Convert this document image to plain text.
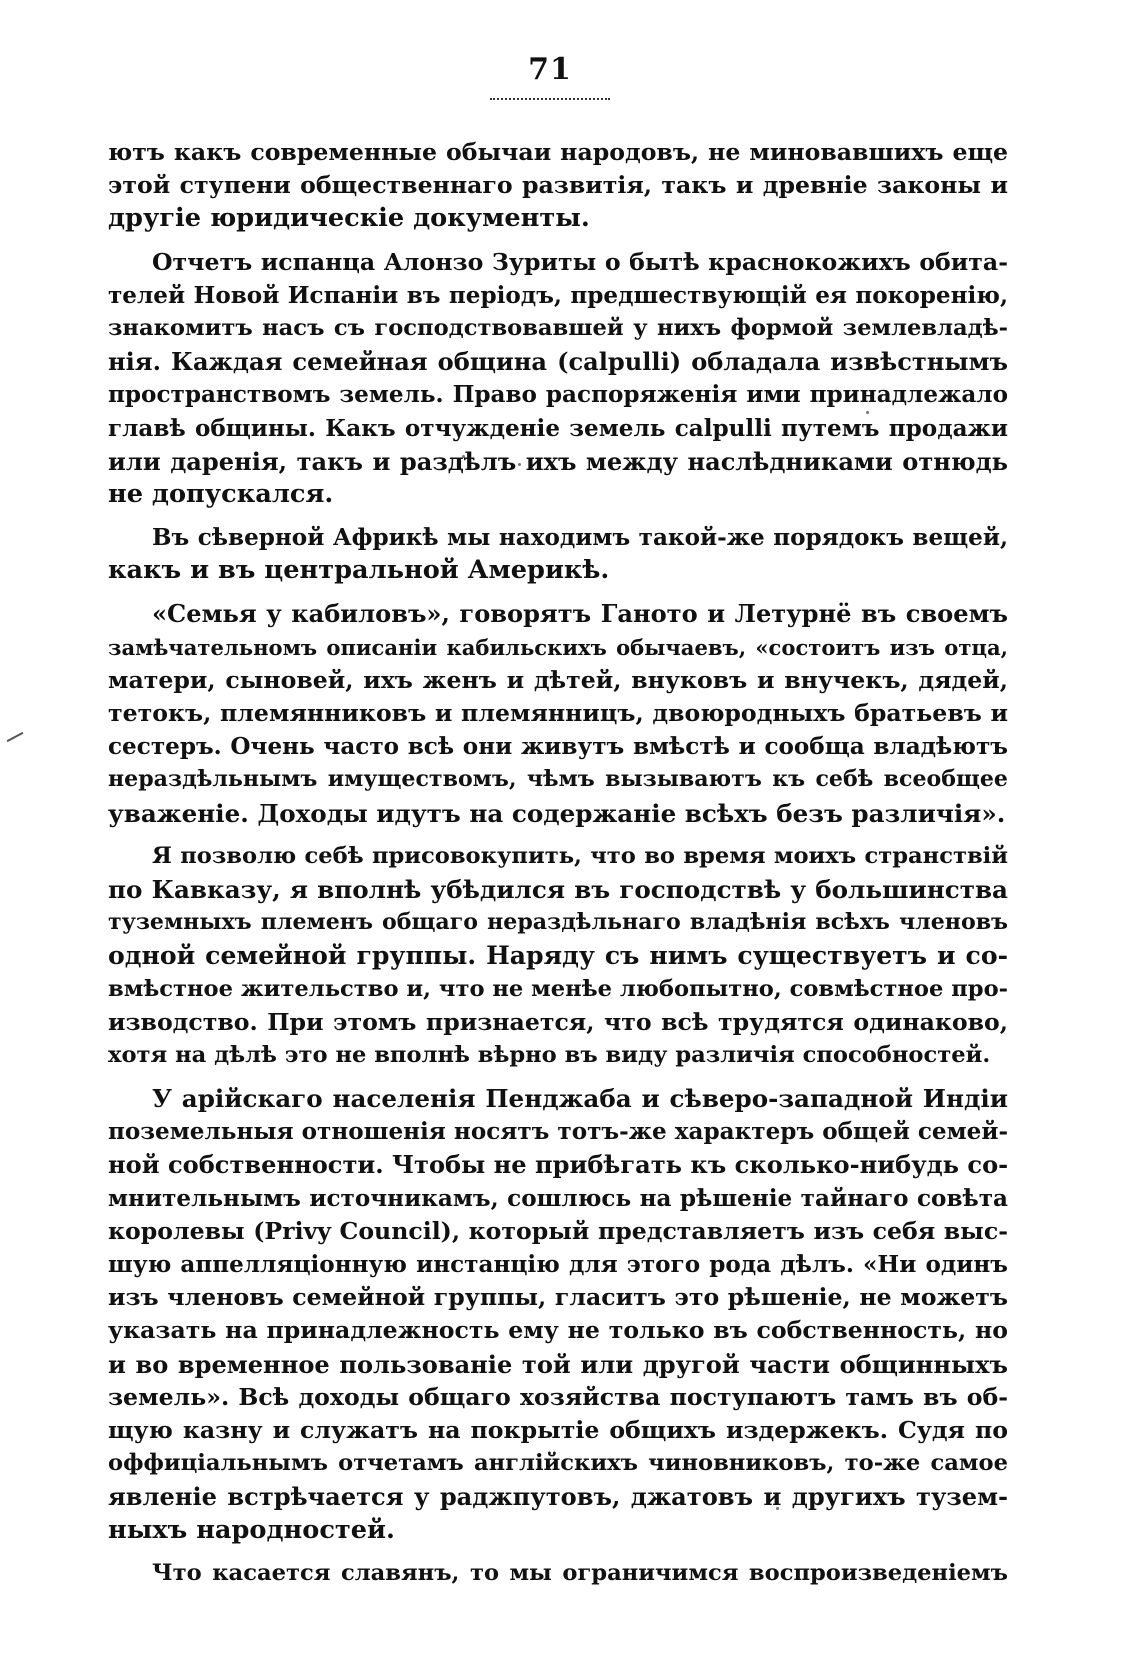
71
ютъ какъ современные обычаи народовъ, не миновавшихъ еще
этой ступени общественнаго развитія, такъ и древніе законы и
другіе юридическіе документы.
Отчетъ испанца Алонзо Зуриты о бытѣ краснокожихъ обита-
телей Новой Испаніи въ періодъ, предшествующій ея покоренію,
знакомитъ насъ съ господствовавшей у нихъ формой землевладѣ-
нія. Каждая семейная община (calpulli) обладала извѣстнымъ
пространствомъ земель. Право распоряженія ими принадлежало
главѣ общины. Какъ отчужденіе земель calpulli путемъ продажи
или даренія, такъ и раздѣлъ ихъ между наслѣдниками отнюдь
не допускался.
Въ сѣверной Африкѣ мы находимъ такой-же порядокъ вещей,
какъ и въ центральной Америкѣ.
«Семья у кабиловъ», говорятъ Ганото и Летурнё въ своемъ
замѣчательномъ описаніи кабильскихъ обычаевъ, «состоитъ изъ отца,
матери, сыновей, ихъ женъ и дѣтей, внуковъ и внучекъ, дядей,
тетокъ, племянниковъ и племянницъ, двоюродныхъ братьевъ и
сестеръ. Очень часто всѣ они живутъ вмѣстѣ и сообща владѣютъ
нераздѣльнымъ имуществомъ, чѣмъ вызываютъ къ себѣ всеобщее
уваженіе. Доходы идутъ на содержаніе всѣхъ безъ различія».
Я позволю себѣ присовокупить, что во время моихъ странствій
по Кавказу, я вполнѣ убѣдился въ господствѣ у большинства
туземныхъ племенъ общаго нераздѣльнаго владѣнія всѣхъ членовъ
одной семейной группы. Наряду съ нимъ существуетъ и со-
вмѣстное жительство и, что не менѣе любопытно, совмѣстное про-
изводство. При этомъ признается, что всѣ трудятся одинаково,
хотя на дѣлѣ это не вполнѣ вѣрно въ виду различія способностей.
У арійскаго населенія Пенджаба и сѣверо-западной Индіи
поземельныя отношенія носятъ тотъ-же характеръ общей семей-
ной собственности. Чтобы не прибѣгать къ сколько-нибудь со-
мнительнымъ источникамъ, сошлюсь на рѣшеніе тайнаго совѣта
королевы (Privy Council), который представляетъ изъ себя выс-
шую аппелляціонную инстанцію для этого рода дѣлъ. «Ни одинъ
изъ членовъ семейной группы, гласитъ это рѣшеніе, не можетъ
указать на принадлежность ему не только въ собственность, но
и во временное пользованіе той или другой части общинныхъ
земель». Всѣ доходы общаго хозяйства поступаютъ тамъ въ об-
щую казну и служатъ на покрытіе общихъ издержекъ. Судя по
оффиціальнымъ отчетамъ англійскихъ чиновниковъ, то-же самое
явленіе встрѣчается у раджпутовъ, джатовъ и другихъ тузем-
ныхъ народностей.
Что касается славянъ, то мы ограничимся воспроизведеніемъ
